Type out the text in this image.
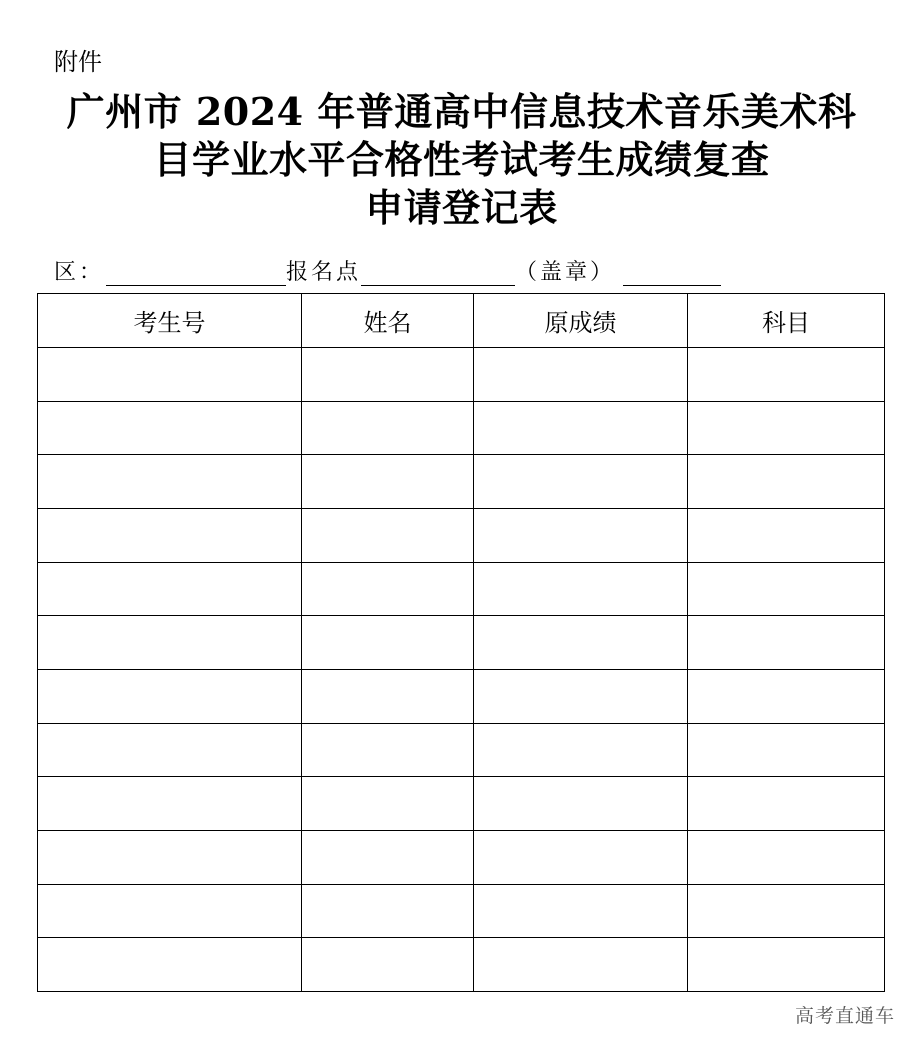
附件
广州市 2024 年普通高中信息技术音乐美术科
目学业水平合格性考试考生成绩复查
申请登记表
区：	报名点	（盖章）
考生号	姓名	原成绩	科目

高考直通车
